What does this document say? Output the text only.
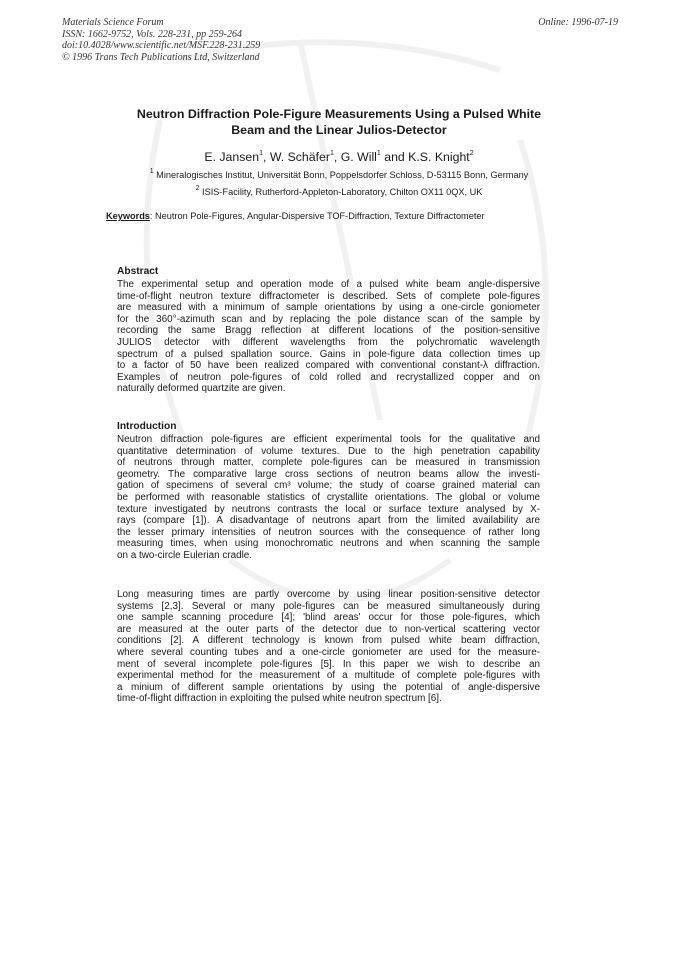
Materials Science Forum
ISSN: 1662-9752, Vols. 228-231, pp 259-264
doi:10.4028/www.scientific.net/MSF.228-231.259
© 1996 Trans Tech Publications Ltd, Switzerland
Online: 1996-07-19
Neutron Diffraction Pole-Figure Measurements Using a Pulsed White
Beam and the Linear Julios-Detector
E. Jansen$^1$, W. Schäfer$^1$, G. Will$^1$ and K.S. Knight$^2$
$^1$ Mineralogisches Institut, Universität Bonn, Poppelsdorfer Schloss, D-53115 Bonn, Germany
$^2$ ISIS-Facility, Rutherford-Appleton-Laboratory, Chilton OX11 0QX, UK
Keywords: Neutron Pole-Figures, Angular-Dispersive TOF-Diffraction, Texture Diffractometer
Abstract
The experimental setup and operation mode of a pulsed white beam angle-dispersive
time-of-flight neutron texture diffractometer is described. Sets of complete pole-figures
are measured with a minimum of sample orientations by using a one-circle goniometer
for the 360°-azimuth scan and by replacing the pole distance scan of the sample by
recording the same Bragg reflection at different locations of the position-sensitive
JULIOS detector with different wavelengths from the polychromatic wavelength
spectrum of a pulsed spallation source. Gains in pole-figure data collection times up
to a factor of 50 have been realized compared with conventional constant-λ diffraction.
Examples of neutron pole-figures of cold rolled and recrystallized copper and on
naturally deformed quartzite are given.
Introduction
Neutron diffraction pole-figures are efficient experimental tools for the qualitative and
quantitative determination of volume textures. Due to the high penetration capability
of neutrons through matter, complete pole-figures can be measured in transmission
geometry. The comparative large cross sections of neutron beams allow the investi-
gation of specimens of several cm³ volume; the study of coarse grained material can
be performed with reasonable statistics of crystallite orientations. The global or volume
texture investigated by neutrons contrasts the local or surface texture analysed by X-
rays (compare [1]). A disadvantage of neutrons apart from the limited availability are
the lesser primary intensities of neutron sources with the consequence of rather long
measuring times, when using monochromatic neutrons and when scanning the sample
on a two-circle Eulerian cradle.
Long measuring times are partly overcome by using linear position-sensitive detector
systems [2,3]. Several or many pole-figures can be measured simultaneously during
one sample scanning procedure [4]; 'blind areas' occur for those pole-figures, which
are measured at the outer parts of the detector due to non-vertical scattering vector
conditions [2]. A different technology is known from pulsed white beam diffraction,
where several counting tubes and a one-circle goniometer are used for the measure-
ment of several incomplete pole-figures [5]. In this paper we wish to describe an
experimental method for the measurement of a multitude of complete pole-figures with
a minium of different sample orientations by using the potential of angle-dispersive
time-of-flight diffraction in exploiting the pulsed white neutron spectrum [6].
